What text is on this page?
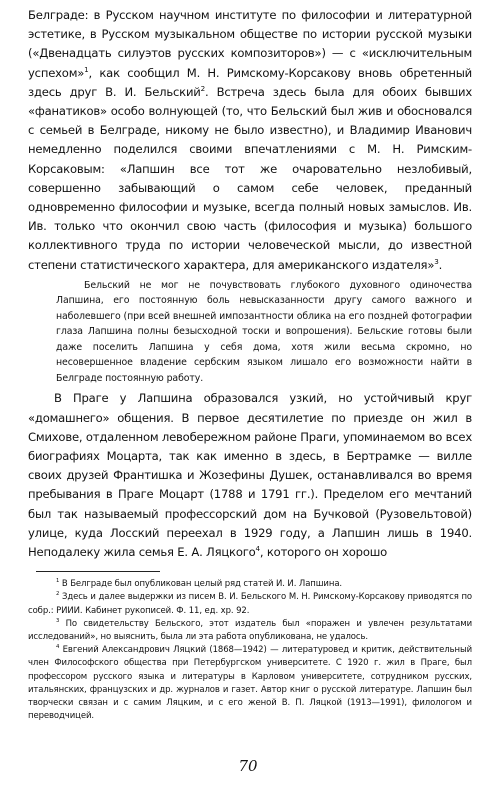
Белградe: в Русском научном институте по философии и литературной эстетике, в Русском музыкальном обществе по истории русской музыки («Двенадцать силуэтов русских композиторов») — с «исключительным успехом»$^1$, как сообщил М. Н. Римскому-Корсакову вновь обретенный здесь друг В. И. Бельский$^2$. Встреча здесь была для обоих бывших «фанатиков» особо волнующей (то, что Бельский был жив и обосновался с семьей в Белграде, никому не было известно), и Владимир Иванович немедленно поделился своими впечатлениями с М. Н. Римским-Корсаковым: «Лапшин все тот же очаровательно незлобивый, совершенно забывающий о самом себе человек, преданный одновременно философии и музыке, всегда полный новых замыслов. Ив. Ив. только что окончил свою часть (философия и музыка) большого коллективного труда по истории человеческой мысли, до известной степени статистического характера, для американского издателя»$^3$.

Бельский не мог не почувствовать глубокого духовного одиночества Лапшина, его постоянную боль невысказанности другу самого важного и наболевшего (при всей внешней импозантности облика на его поздней фотографии глаза Лапшина полны безысходной тоски и вопрошения). Бельские готовы были даже поселить Лапшина у себя дома, хотя жили весьма скромно, но несовершенное владение сербским языком лишало его возможности найти в Белграде постоянную работу.

В Праге у Лапшина образовался узкий, но устойчивый круг «домашнего» общения. В первое десятилетие по приезде он жил в Смихове, отдаленном левобережном районе Праги, упоминаемом во всех биографиях Моцарта, так как именно в здесь, в Бертрамке — вилле своих друзей Франтишка и Жозефины Душек, останавливался во время пребывания в Праге Моцарт (1788 и 1791 гг.). Пределом его мечтаний был так называемый профессорский дом на Бучковой (Рузовельтовой) улице, куда Лосский переехал в 1929 году, а Лапшин лишь в 1940. Неподалеку жила семья Е. А. Ляцкого$^4$, которого он хорошо

$^1$ В Белграде был опубликован целый ряд статей И. И. Лапшина.

$^2$ Здесь и далее выдержки из писем В. И. Бельского М. Н. Римскому-Корсакову приводятся по собр.: РИИИ. Кабинет рукописей. Ф. 11, ед. хр. 92.

$^3$ По свидетельству Бельского, этот издатель был «поражен и увлечен результатами исследований», но выяснить, была ли эта работа опубликована, не удалось.

$^4$ Евгений Александрович Ляцкий (1868—1942) — литературовед и критик, действительный член Философского общества при Петербургском университете. С 1920 г. жил в Праге, был профессором русского языка и литературы в Карловом университете, сотрудником русских, итальянских, французских и др. журналов и газет. Автор книг о русской литературе. Лапшин был творчески связан и с самим Ляцким, и с его женой В. П. Ляцкой (1913—1991), филологом и переводчицей.

70
